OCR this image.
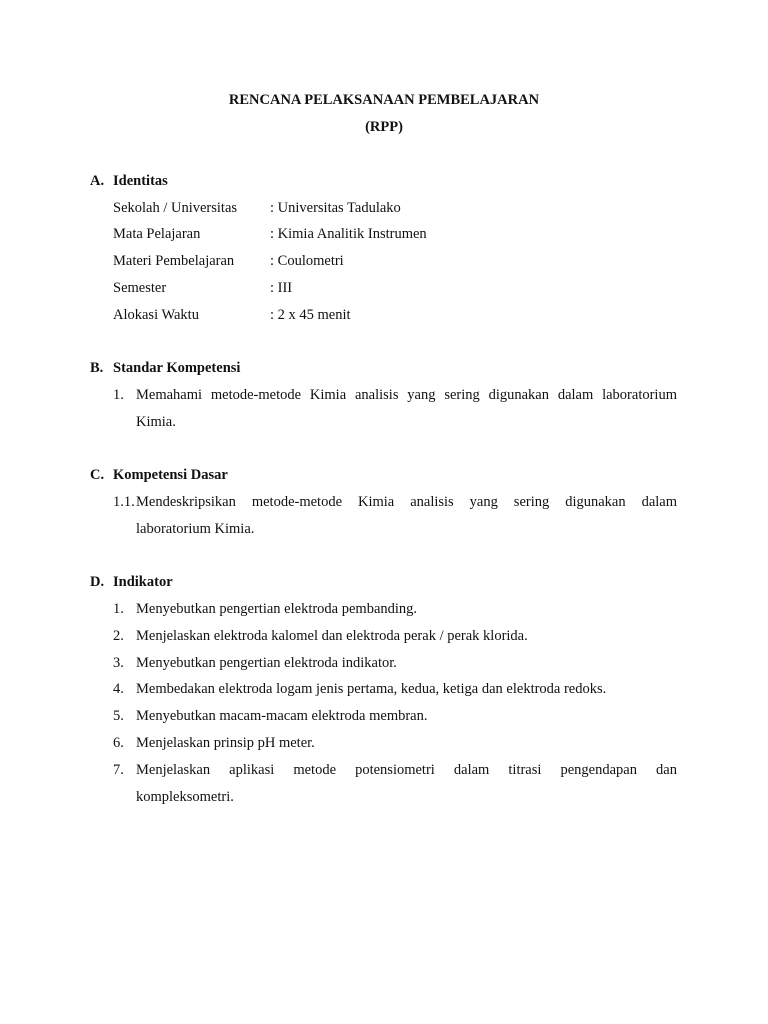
RENCANA PELAKSANAAN PEMBELAJARAN
(RPP)
A. Identitas
Sekolah / Universitas : Universitas Tadulako
Mata Pelajaran	: Kimia Analitik Instrumen
Materi Pembelajaran : Coulometri
Semester	: III
Alokasi Waktu	: 2 x 45 menit
B. Standar Kompetensi
1. Memahami metode-metode Kimia analisis yang sering digunakan dalam laboratorium
Kimia.
C. Kompetensi Dasar
1.1. Mendeskripsikan metode-metode Kimia analisis yang sering digunakan dalam
laboratorium Kimia.
D. Indikator
1. Menyebutkan pengertian elektroda pembanding.
2. Menjelaskan elektroda kalomel dan elektroda perak / perak klorida.
3. Menyebutkan pengertian elektroda indikator.
4. Membedakan elektroda logam jenis pertama, kedua, ketiga dan elektroda redoks.
5. Menyebutkan macam-macam elektroda membran.
6. Menjelaskan prinsip pH meter.
7. Menjelaskan aplikasi metode potensiometri dalam titrasi pengendapan dan
kompleksometri.
